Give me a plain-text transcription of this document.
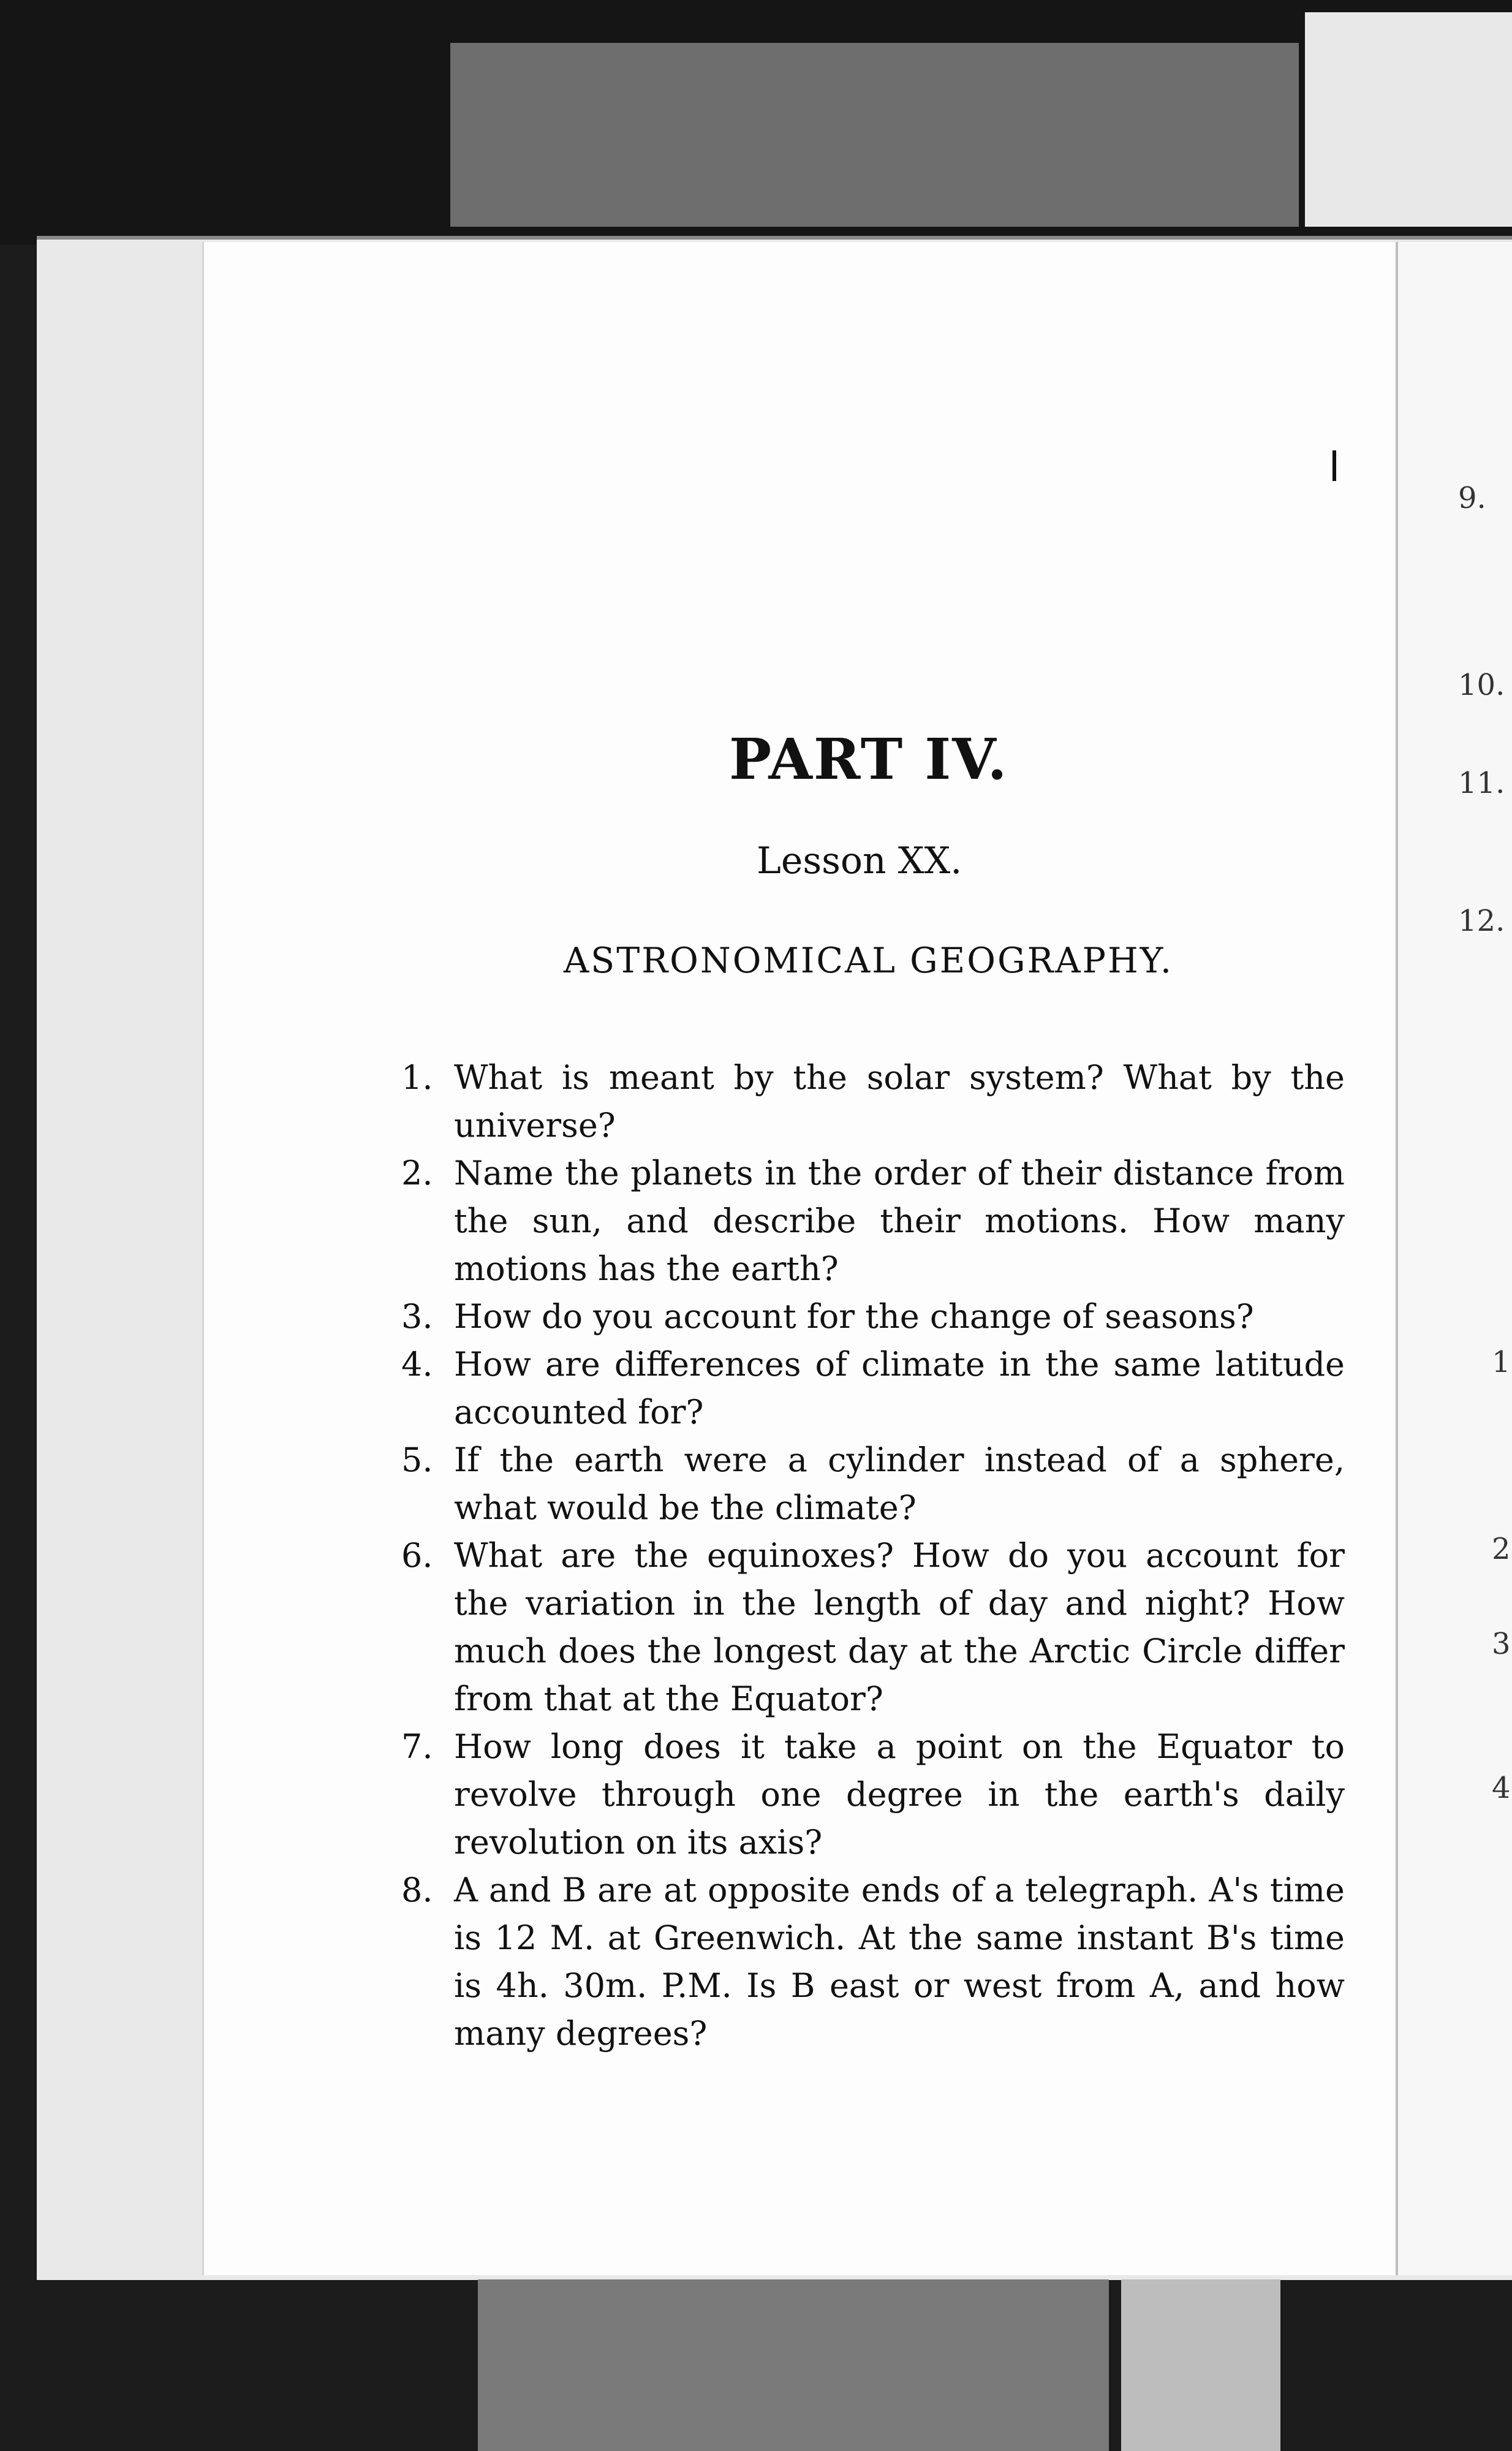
9.
10.
11.
12.
1
2
3
4
PART IV.
Lesson XX.
ASTRONOMICAL GEOGRAPHY.
1. What is meant by the solar system? What by the universe?
2. Name the planets in the order of their distance from the sun, and describe their motions. How many motions has the earth?
3. How do you account for the change of seasons?
4. How are differences of climate in the same latitude accounted for?
5. If the earth were a cylinder instead of a sphere, what would be the climate?
6. What are the equinoxes? How do you account for the variation in the length of day and night? How much does the longest day at the Arctic Circle differ from that at the Equator?
7. How long does it take a point on the Equator to revolve through one degree in the earth's daily revolution on its axis?
8. A and B are at opposite ends of a telegraph. A's time is 12 M. at Greenwich. At the same instant B's time is 4h. 30m. P.M. Is B east or west from A, and how many degrees?
